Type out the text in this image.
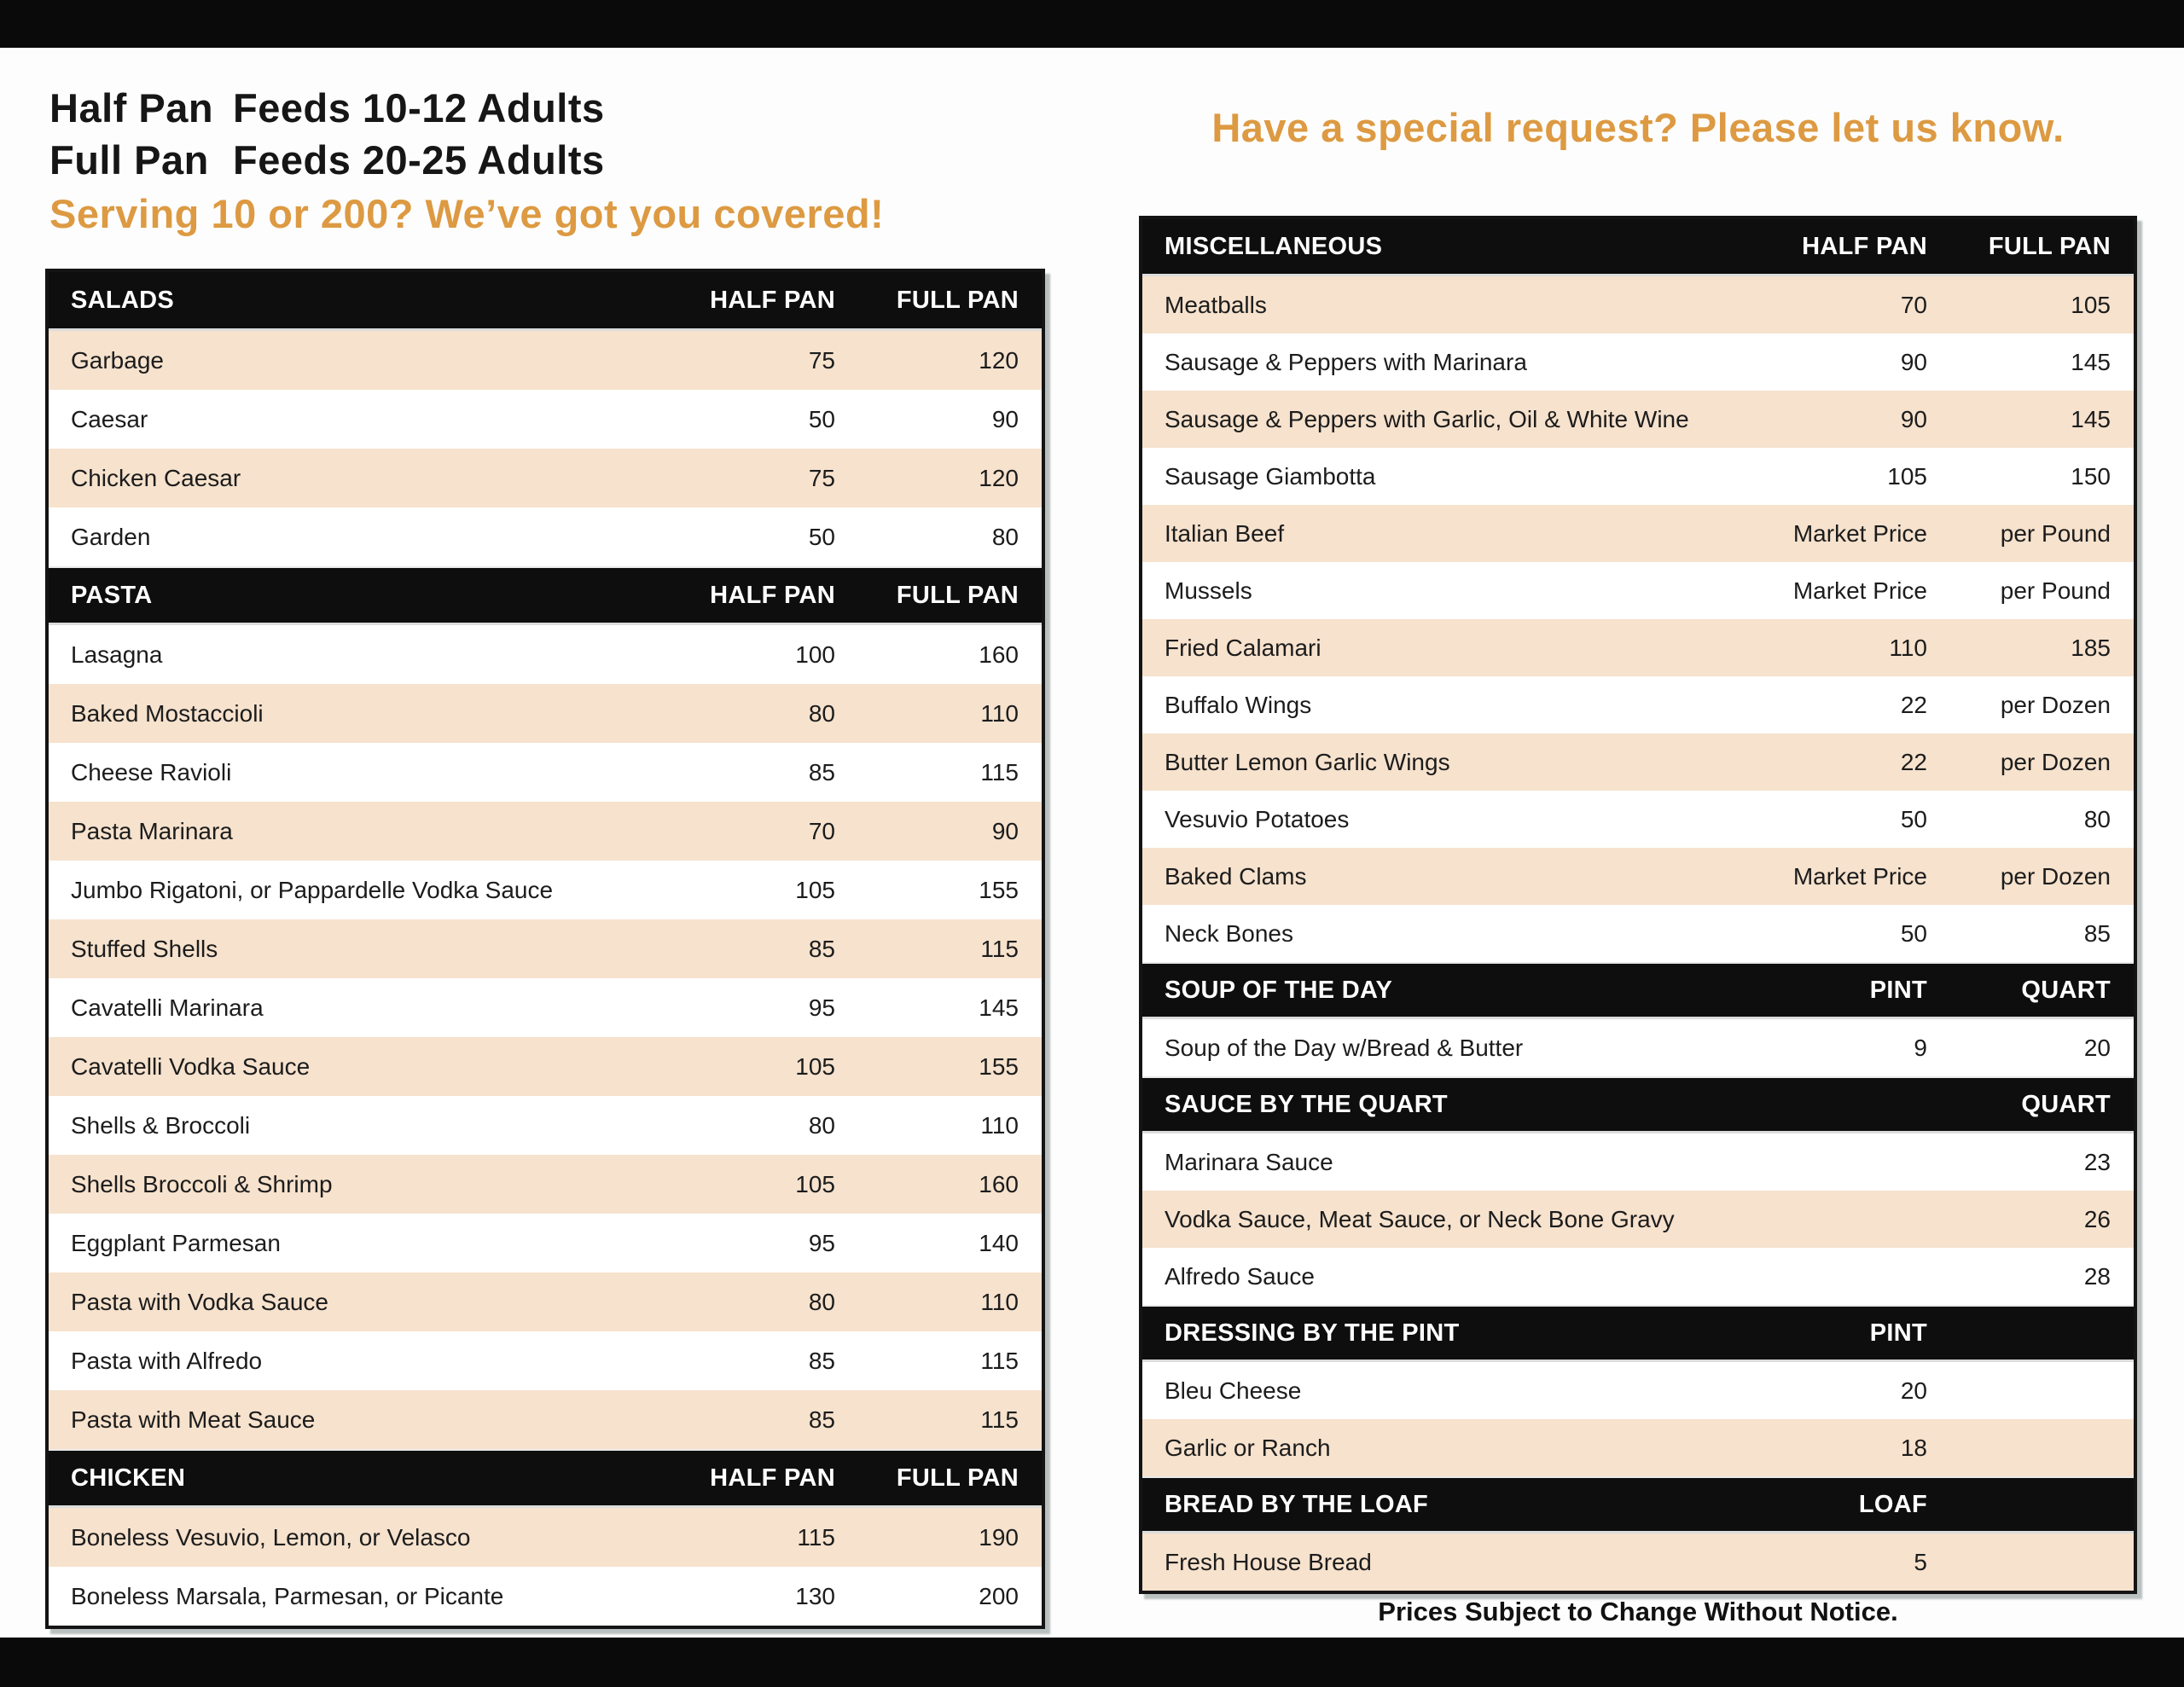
Half Pan Feeds 10-12 Adults
Full Pan Feeds 20-25 Adults
Serving 10 or 200? We’ve got you covered!
Have a special request? Please let us know.
SALADS	HALF PAN	FULL PAN
Garbage	75	120
Caesar	50	90
Chicken Caesar	75	120
Garden	50	80
PASTA	HALF PAN	FULL PAN
Lasagna	100	160
Baked Mostaccioli	80	110
Cheese Ravioli	85	115
Pasta Marinara	70	90
Jumbo Rigatoni, or Pappardelle Vodka Sauce	105	155
Stuffed Shells	85	115
Cavatelli Marinara	95	145
Cavatelli Vodka Sauce	105	155
Shells & Broccoli	80	110
Shells Broccoli & Shrimp	105	160
Eggplant Parmesan	95	140
Pasta with Vodka Sauce	80	110
Pasta with Alfredo	85	115
Pasta with Meat Sauce	85	115
CHICKEN	HALF PAN	FULL PAN
Boneless Vesuvio, Lemon, or Velasco	115	190
Boneless Marsala, Parmesan, or Picante	130	200
MISCELLANEOUS	HALF PAN	FULL PAN
Meatballs	70	105
Sausage & Peppers with Marinara	90	145
Sausage & Peppers with Garlic, Oil & White Wine	90	145
Sausage Giambotta	105	150
Italian Beef	Market Price	per Pound
Mussels	Market Price	per Pound
Fried Calamari	110	185
Buffalo Wings	22	per Dozen
Butter Lemon Garlic Wings	22	per Dozen
Vesuvio Potatoes	50	80
Baked Clams	Market Price	per Dozen
Neck Bones	50	85
SOUP OF THE DAY	PINT	QUART
Soup of the Day w/Bread & Butter	9	20
SAUCE BY THE QUART	QUART
Marinara Sauce	23
Vodka Sauce, Meat Sauce, or Neck Bone Gravy	26
Alfredo Sauce	28
DRESSING BY THE PINT	PINT
Bleu Cheese	20
Garlic or Ranch	18
BREAD BY THE LOAF	LOAF
Fresh House Bread	5
Prices Subject to Change Without Notice.
